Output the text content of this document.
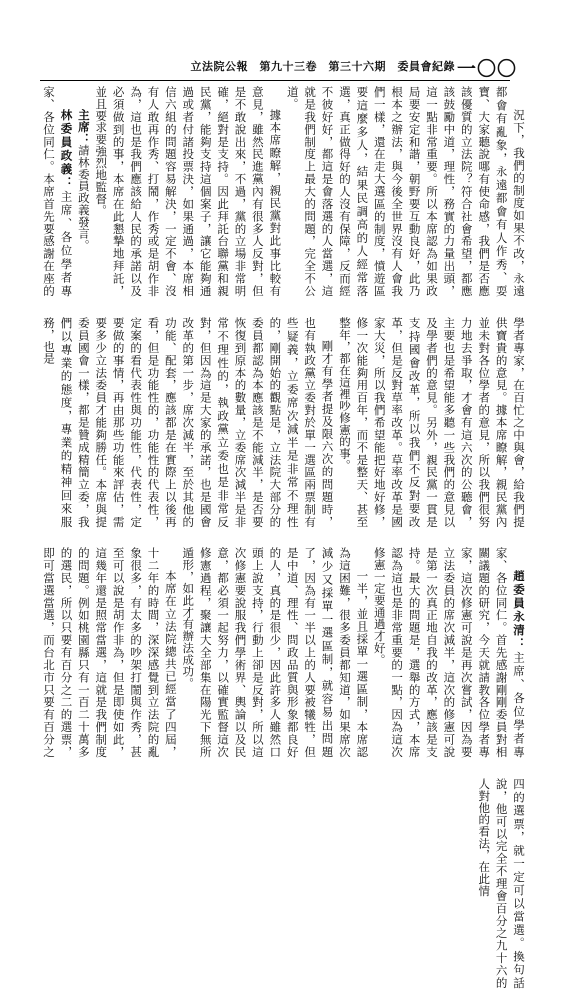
立法院公報　第九十三卷　第三十六期　委員會紀錄 一〇〇

況下，我們的制度如果不改，永遠都會有亂象，永遠都會有人作秀、耍寶、大家聽說哪有使命感，我們是否應該優質的立法院？符合社會希望，都應該鼓勵中道，理性，務實的力量出頭，這一點非常重要。所以本席認為如果政局要安定和諧，朝野要互動良好，此乃根本之辦法，與今後全世界沒有人會我們一樣，還在走大選區的制度，憤遊區要這麼多人，結果民調高的人經常落選，真正做得好的人沒有保障，反而經不彼好好，都這是會落選的人當選，這就是我們制度上最大的問題，完全不公道。

據本席瞭解，親民黨對此事比較有意見，雖然民進黨內有很多人反對，但是不敢說出來，不過，黨的立場非常明確，絕對是支持。因此拜託台聯黨和親民黨，能夠支持這個案子，讓它能夠通過或者付諸投票決，如果通過，本席相信六組的問題容易解決，一定不會、沒有人敢再作秀、打鬧，作秀或是胡作非為，這也是我們應該給人民的承諾以及必須做到的事，本席在此懇摯地拜託，並且要求要強烈地監督。

主席：請林委員政義發言。

林委員政義：主席、各位學者專家、各位同仁。本席首先要感謝在座的學者專家，在百忙之中與會，給我們提供寶貴的意見。據本席瞭解，親民黨內並未對各位學者的意見，所以我們很努力地去爭取，才會有這六次的公聽會，主要也是希望能多聽一些我們的意見以及學者們的意見。另外，親民黨一貫是支持國會改革，所以我們不反對要改革，但是反對草率改革。草率改革是國家大災，所以我們希望能把好地好修，修一次能夠用百年，而不是整天、甚至整年，都在這裡吵修憲的事。

剛才有學者提及限六次的問題時，也有執政黨立委對於單一選區兩票制有些疑義，立委席次減半是非常不理性的，剛開始的觀點是，立法院大部分的委員都認為本應該是不能減半，是否要恢復到原本的數量，立委席次減半是非常不理性的，執政黨立委也是非常反對，但因為這是大家的承諾，也是國會改革的第一步，席次減半，至於其他的功能、配套，應該都是在實際上以後再看，但是功能性的，功能性的代表性，定案的看代表性與功能性，代表性，定要做的事情，再由那些功能來評估，需要多少立法委員才能夠勝任。本席與提委員國會一樣，都是贊成精簡立委，我們以專業的態度，專業的精神回來服務，也是

趙委員永清：主席、各位學者專家、各位同仁。首先感謝剛剛委員對相關議題的研究，今天就請教各位學者專家，這次修憲可說是再次嘗試，因為要立法委員的席次減半，這次的修憲可說是第一次真正地自我的改革，應該是支持。最大的問題是，選舉的方式，本席認為這也是非常重要的一點，因為這次修憲一定要通過才好。

一半，並且採單一選區制，本席認為這困難，很多委員都知道，如果席次減少又採單一選區制，就容易出問題了，因為有一半以上的人要被犧牲，但是中道、理性、問政品質與形象都良好的人，真的是很少，因此許多人雖然口頭上說支持，行動上卻是反對，所以這次修憲要說服我們學術界、輿論以及民意，都必須一起努力，以確實監督這次修憲過程，聚讓大全部集在陽光下無所遁形，如此才有辦法成功。

本席在立法院總共已經當了四屆，十二年的時間，深深感覺到立法院的亂象很多，有太多的吵架打鬧與作秀，甚至可以說是胡作非為，但是即使如此，這幾年還是照常當選，這就是我們制度的問題。例如桃園縣只有一百二十萬多的選民，所以只要有百分之二的選票，即可當選當選，而台北市只要有百分之四的選票，就一定可以當選。換句話說，他可以完全不理會百分之九十六的人對他的看法，在此情
